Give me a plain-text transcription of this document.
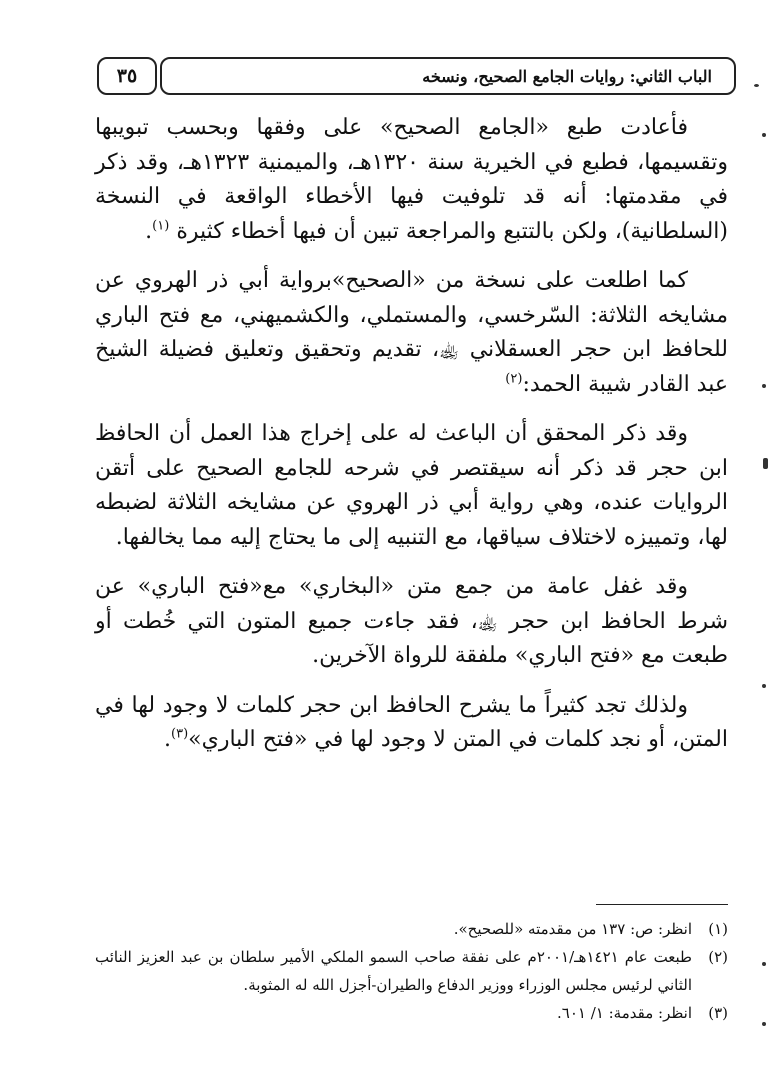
٣٥	الباب الثاني: روايات الجامع الصحيح، ونسخه

فأعادت طبع «الجامع الصحيح» على وفقها وبحسب تبويبها وتقسيمها، فطبع في الخيرية سنة ١٣٢٠هـ، والميمنية ١٣٢٣هـ، وقد ذكر في مقدمتها: أنه قد تلوفيت فيها الأخطاء الواقعة في النسخة (السلطانية)، ولكن بالتتبع والمراجعة تبين أن فيها أخطاء كثيرة $^{(١)}$.

كما اطلعت على نسخة من «الصحيح»برواية أبي ذر الهروي عن مشايخه الثلاثة: السّرخسي، والمستملي، والكشميهني، مع فتح الباري للحافظ ابن حجر العسقلاني ﵀، تقديم وتحقيق وتعليق فضيلة الشيخ عبد القادر شيبة الحمد:$^{(٢)}$

وقد ذكر المحقق أن الباعث له على إخراج هذا العمل أن الحافظ ابن حجر قد ذكر أنه سيقتصر في شرحه للجامع الصحيح على أتقن الروايات عنده، وهي رواية أبي ذر الهروي عن مشايخه الثلاثة لضبطه لها، وتمييزه لاختلاف سياقها، مع التنبيه إلى ما يحتاج إليه مما يخالفها.

وقد غفل عامة من جمع متن «البخاري» مع«فتح الباري» عن شرط الحافظ ابن حجر ﵀، فقد جاءت جميع المتون التي خُطت أو طبعت مع «فتح الباري» ملفقة للرواة الآخرين.

ولذلك تجد كثيراً ما يشرح الحافظ ابن حجر كلمات لا وجود لها في المتن، أو نجد كلمات في المتن لا وجود لها في «فتح الباري»$^{(٣)}$.

(١)
انظر: ص: ١٣٧ من مقدمته «للصحيح».
(٢)
طبعت عام ١٤٢١هـ/٢٠٠١م على نفقة صاحب السمو الملكي الأمير سلطان بن عبد العزيز النائب الثاني لرئيس مجلس الوزراء ووزير الدفاع والطيران-أجزل الله له المثوبة.
(٣)
انظر: مقدمة: ١/ ٦٠١.
